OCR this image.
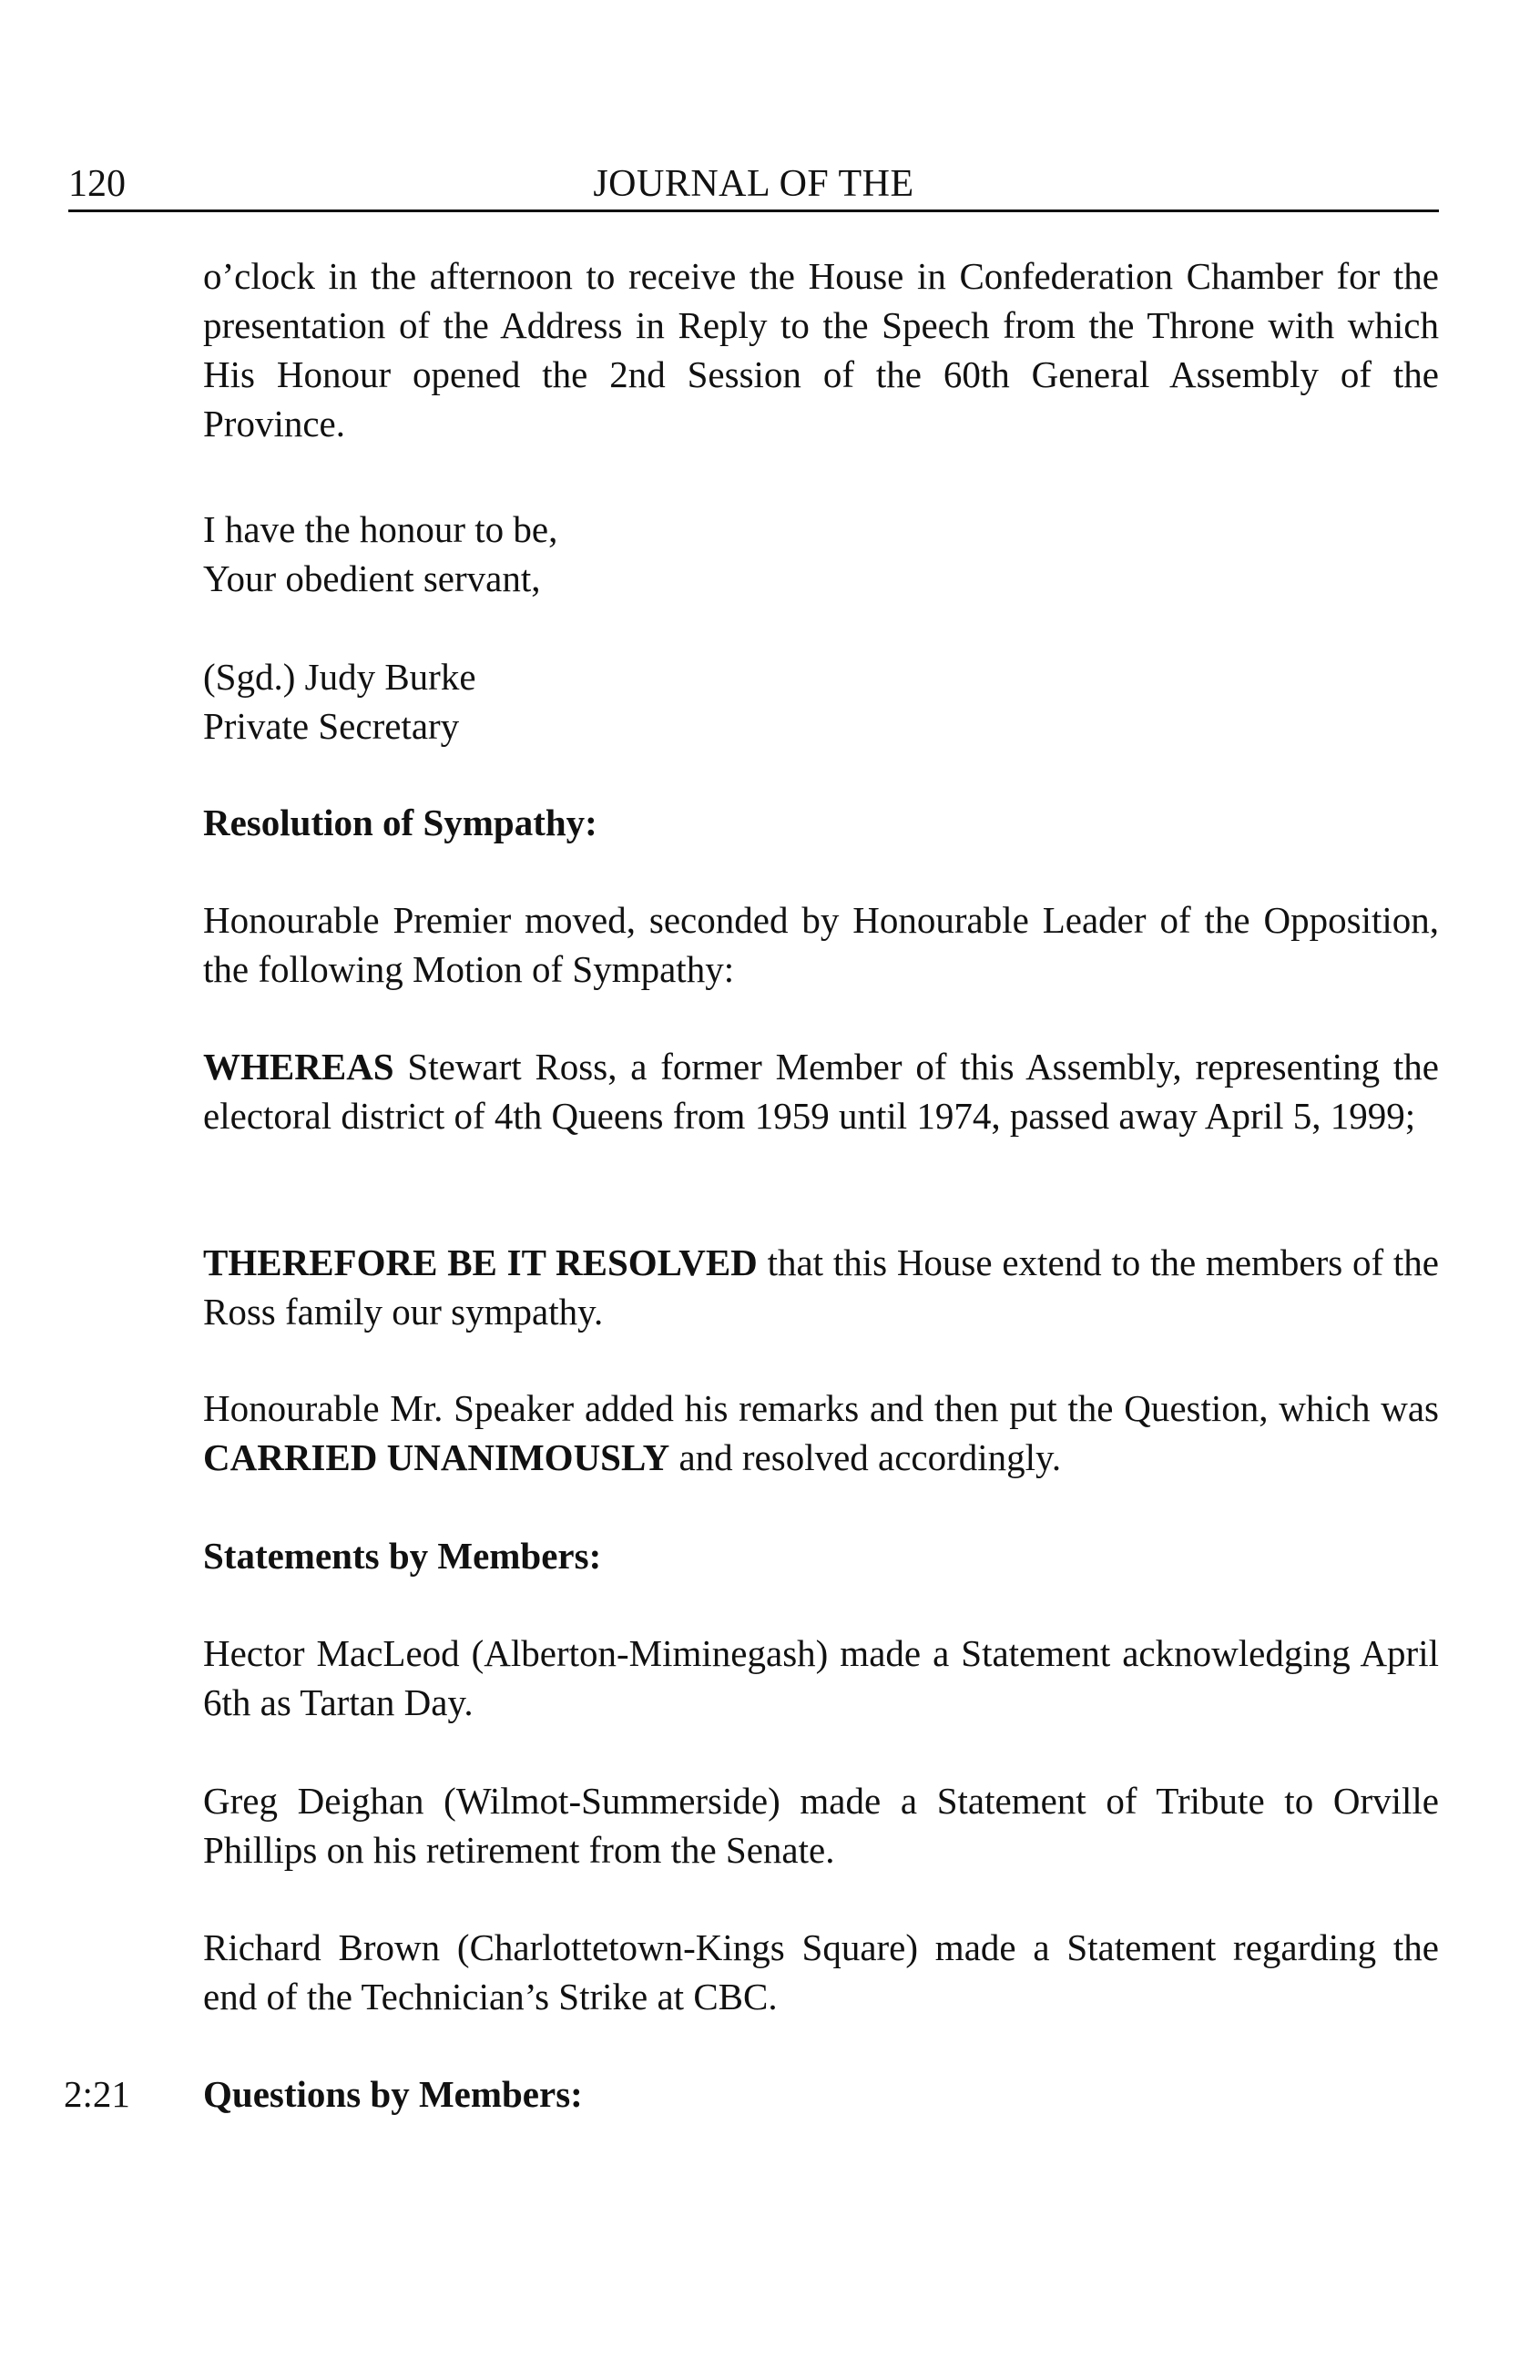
120	JOURNAL OF THE
2:21

o’clock in the afternoon to receive the House in Confederation Chamber for the presentation of the Address in Reply to the Speech from the Throne with which His Honour opened the 2nd Session of the 60th General Assembly of the Province.

I have the honour to be,

Your obedient servant,

(Sgd.) Judy Burke

Private Secretary

Resolution of Sympathy:

Honourable Premier moved, seconded by Honourable Leader of the Opposition, the following Motion of Sympathy:

WHEREAS Stewart Ross, a former Member of this Assembly, representing the electoral district of 4th Queens from 1959 until 1974, passed away April 5, 1999;

THEREFORE BE IT RESOLVED that this House extend to the members of the Ross family our sympathy.

Honourable Mr. Speaker added his remarks and then put the Question, which was CARRIED UNANIMOUSLY and resolved accordingly.

Statements by Members:

Hector MacLeod (Alberton-Miminegash) made a Statement acknowledging April 6th as Tartan Day.

Greg Deighan (Wilmot-Summerside) made a Statement of Tribute to Orville Phillips on his retirement from the Senate.

Richard Brown (Charlottetown-Kings Square) made a Statement regarding the end of the Technician’s Strike at CBC.

Questions by Members:
